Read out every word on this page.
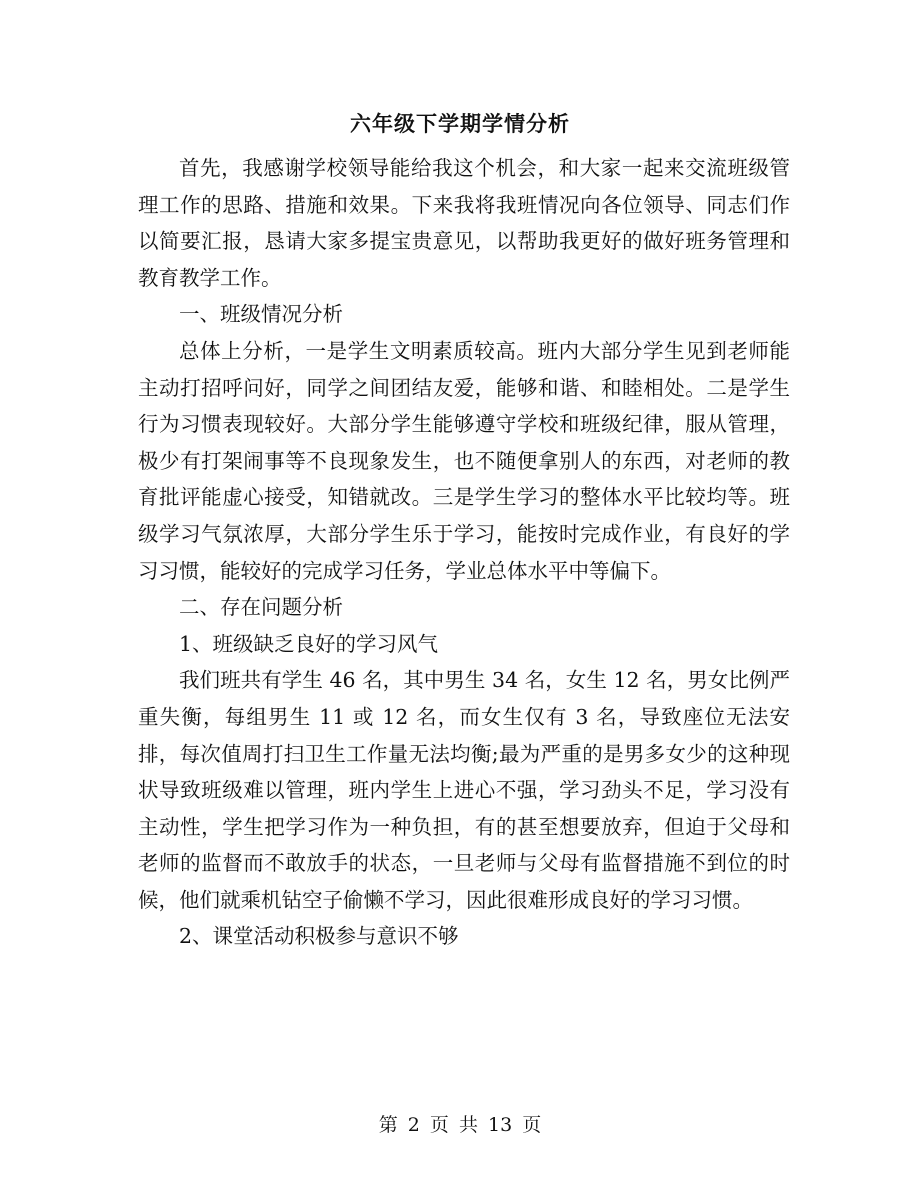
六年级下学期学情分析

首先，我感谢学校领导能给我这个机会，和大家一起来交流班级管理工作的思路、措施和效果。下来我将我班情况向各位领导、同志们作以简要汇报，恳请大家多提宝贵意见，以帮助我更好的做好班务管理和教育教学工作。

一、班级情况分析

总体上分析，一是学生文明素质较高。班内大部分学生见到老师能主动打招呼问好，同学之间团结友爱，能够和谐、和睦相处。二是学生行为习惯表现较好。大部分学生能够遵守学校和班级纪律，服从管理，极少有打架闹事等不良现象发生，也不随便拿别人的东西，对老师的教育批评能虚心接受，知错就改。三是学生学习的整体水平比较均等。班级学习气氛浓厚，大部分学生乐于学习，能按时完成作业，有良好的学习习惯，能较好的完成学习任务，学业总体水平中等偏下。

二、存在问题分析

1、班级缺乏良好的学习风气

我们班共有学生 46 名，其中男生 34 名，女生 12 名，男女比例严重失衡，每组男生 11 或 12 名，而女生仅有 3 名，导致座位无法安排，每次值周打扫卫生工作量无法均衡;最为严重的是男多女少的这种现状导致班级难以管理，班内学生上进心不强，学习劲头不足，学习没有主动性，学生把学习作为一种负担，有的甚至想要放弃，但迫于父母和老师的监督而不敢放手的状态，一旦老师与父母有监督措施不到位的时候，他们就乘机钻空子偷懒不学习，因此很难形成良好的学习习惯。

2、课堂活动积极参与意识不够

第 2 页 共 13 页
